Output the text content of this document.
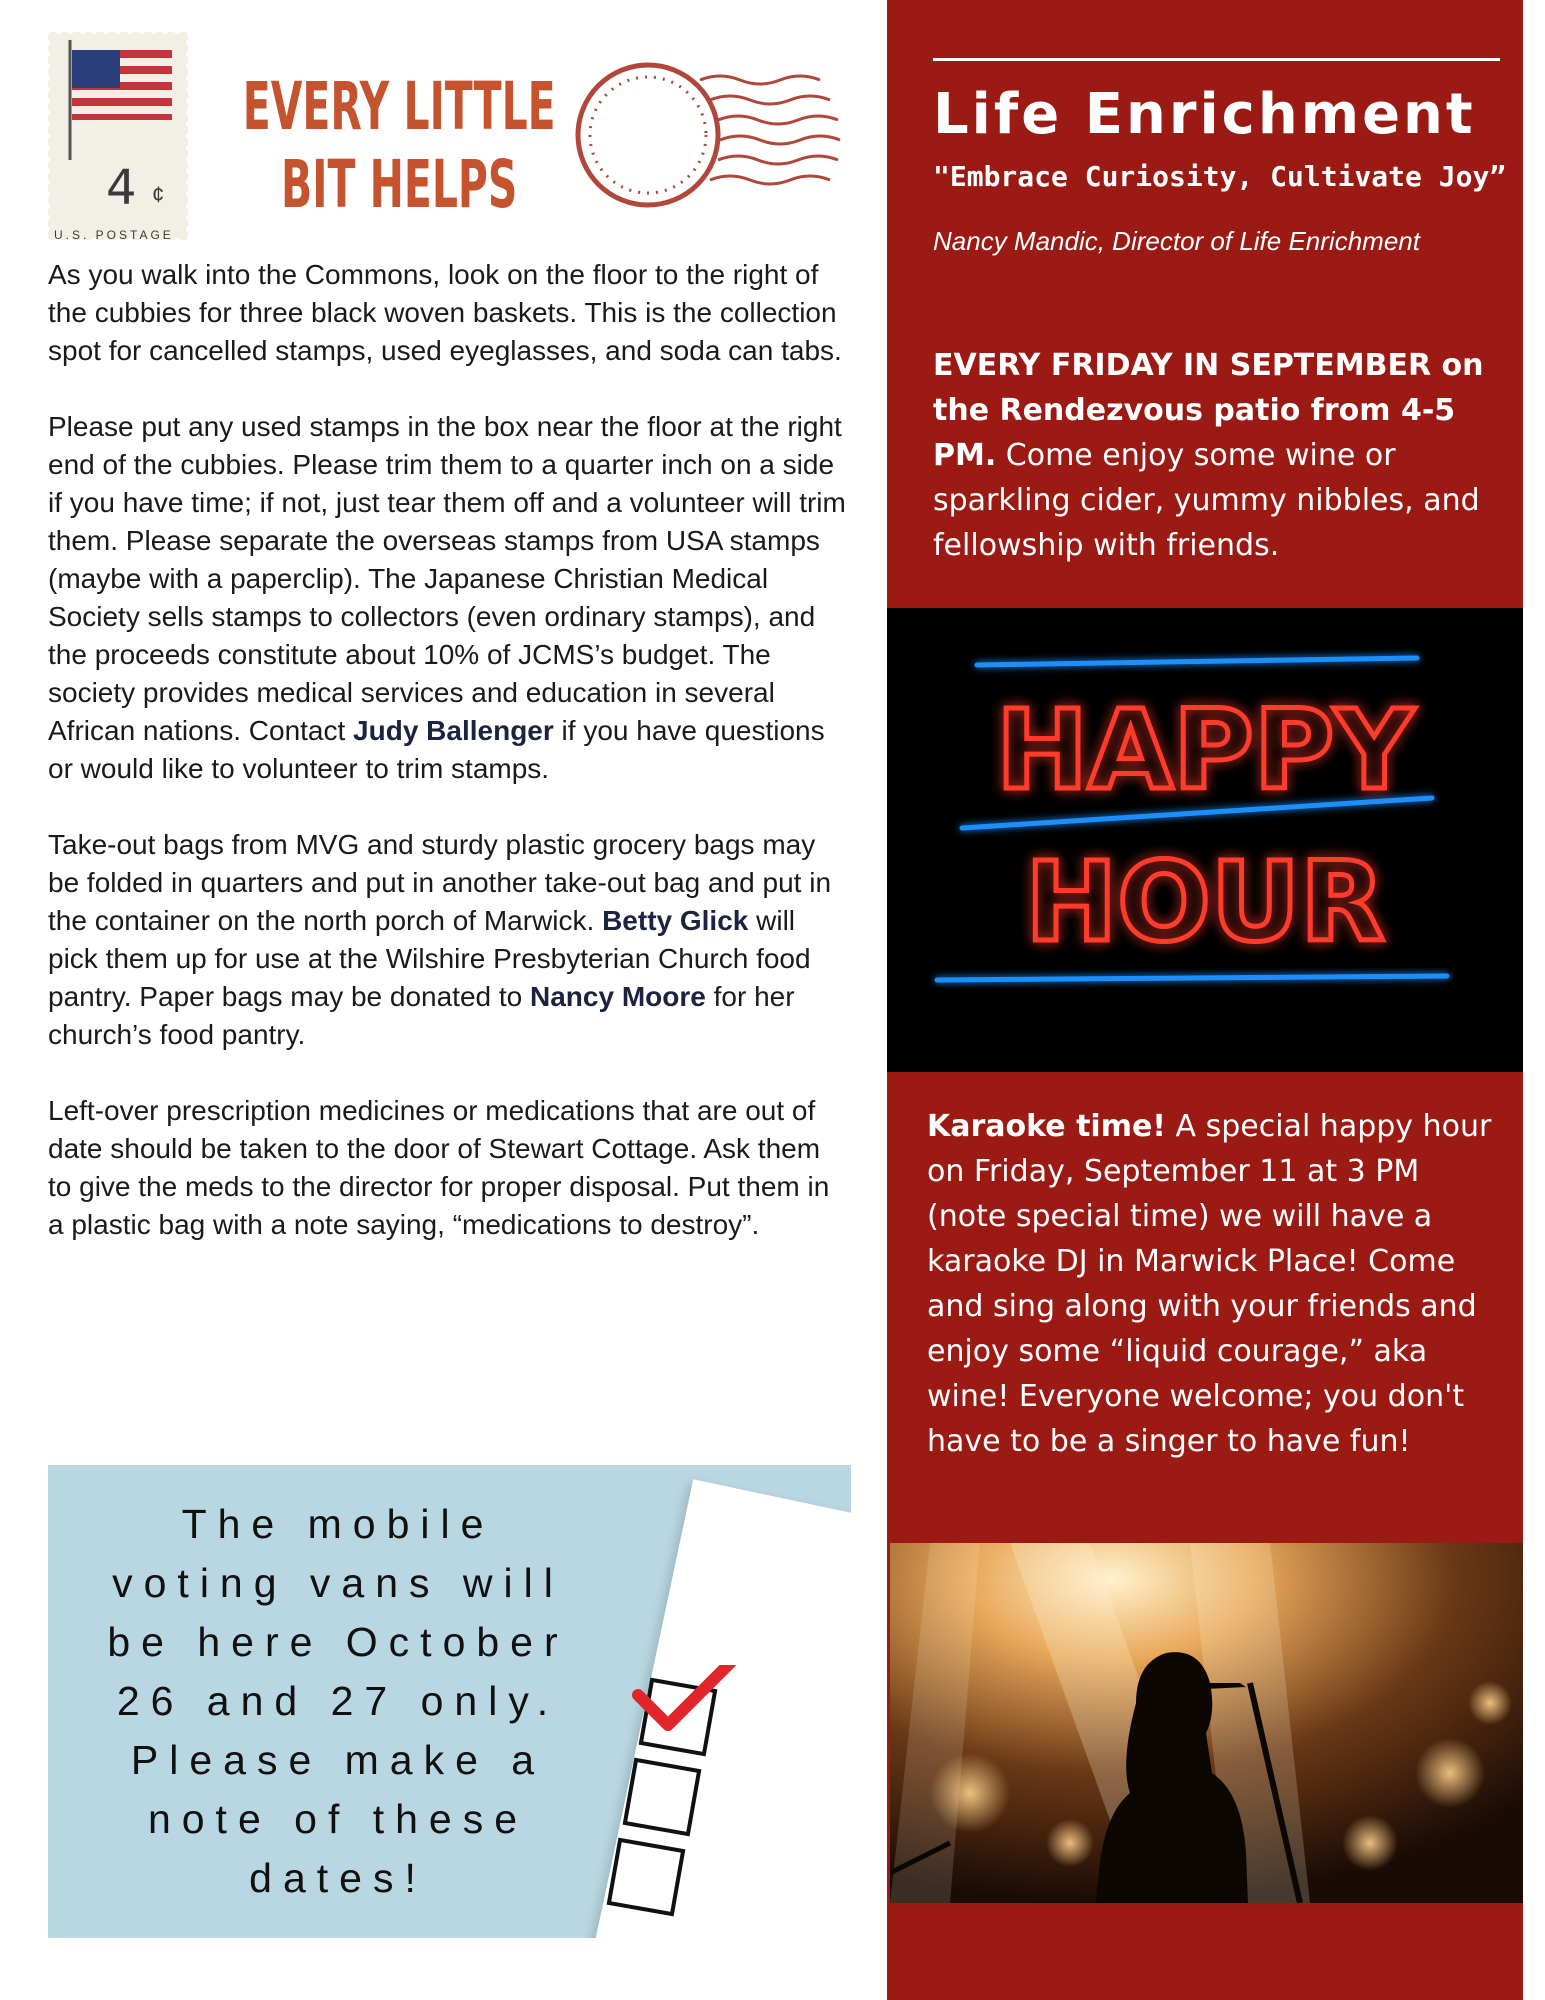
4 ¢
U.S. POSTAGE
EVERY LITTLE
BIT HELPS

As you walk into the Commons, look on the floor to the right of the cubbies for three black woven baskets. This is the collection spot for cancelled stamps, used eyeglasses, and soda can tabs.

Please put any used stamps in the box near the floor at the right end of the cubbies. Please trim them to a quarter inch on a side if you have time; if not, just tear them off and a volunteer will trim them. Please separate the overseas stamps from USA stamps (maybe with a paperclip). The Japanese Christian Medical Society sells stamps to collectors (even ordinary stamps), and the proceeds constitute about 10% of JCMS’s budget. The society provides medical services and education in several African nations. Contact Judy Ballenger if you have questions or would like to volunteer to trim stamps.

Take-out bags from MVG and sturdy plastic grocery bags may be folded in quarters and put in another take-out bag and put in the container on the north porch of Marwick. Betty Glick will pick them up for use at the Wilshire Presbyterian Church food pantry. Paper bags may be donated to Nancy Moore for her church’s food pantry.

Left-over prescription medicines or medications that are out of date should be taken to the door of Stewart Cottage. Ask them to give the meds to the director for proper disposal. Put them in a plastic bag with a note saying, “medications to destroy”.

The mobile
voting vans will
be here October
26 and 27 only.
Please make a
note of these
dates!
Life Enrichment
"Embrace Curiosity, Cultivate Joy”
Nancy Mandic, Director of Life Enrichment
EVERY FRIDAY IN SEPTEMBER on the Rendezvous patio from 4-5 PM. Come enjoy some wine or sparkling cider, yummy nibbles, and fellowship with friends.
Karaoke time! A special happy hour on Friday, September 11 at 3 PM (note special time) we will have a karaoke DJ in Marwick Place! Come and sing along with your friends and enjoy some “liquid courage,” aka wine! Everyone welcome; you don't have to be a singer to have fun!
HAPPY
HOUR
